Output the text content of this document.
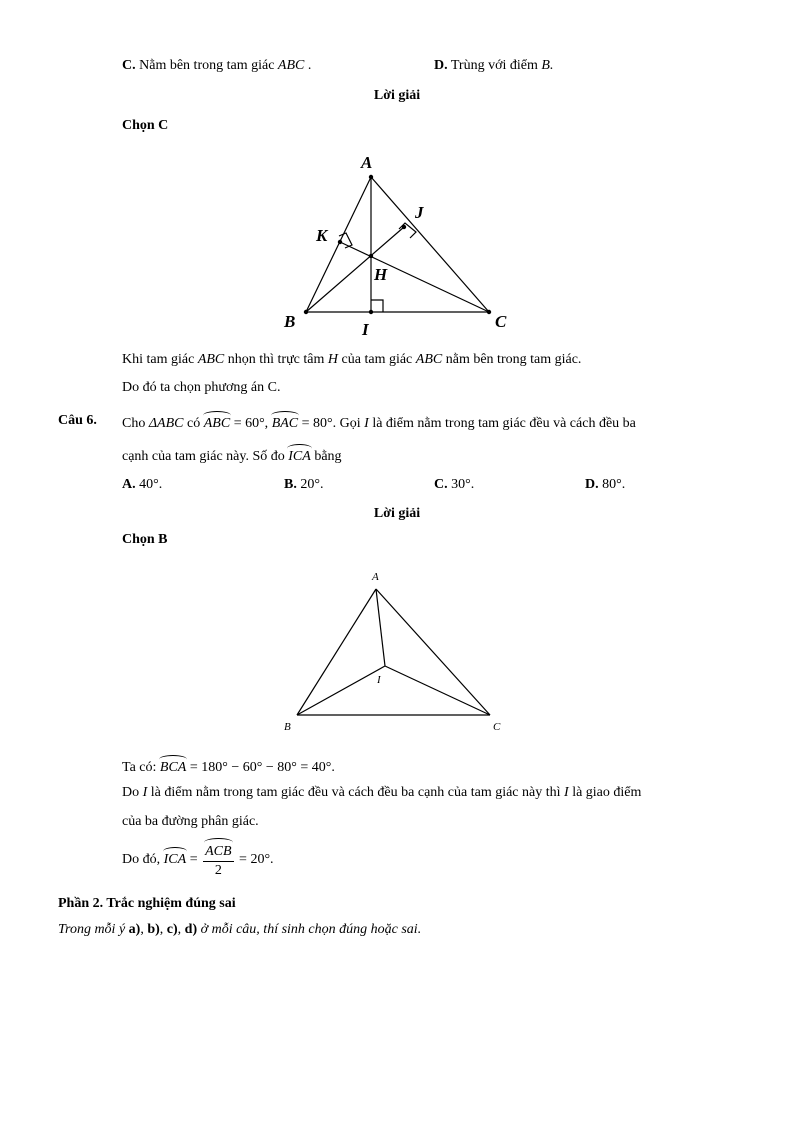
C. Nằm bên trong tam giác ABC .	D. Trùng với điểm B.
Lời giải
Chọn C
A
B	C
H
I
J
K
Khi tam giác ABC nhọn thì trực tâm H của tam giác ABC nằm bên trong tam giác.
Do đó ta chọn phương án C.
Câu 6. Cho ΔABC có ABC = 60°, BAC = 80°. Gọi I là điểm nằm trong tam giác đều và cách đều ba
cạnh của tam giác này. Số đo ICA bằng
A. 40°.	B. 20°.	C. 30°.	D. 80°.
Lời giải
Chọn B
A
B	C
I
Ta có: BCA = 180° − 60° − 80° = 40°.
Do I là điểm nằm trong tam giác đều và cách đều ba cạnh của tam giác này thì I là giao điểm
của ba đường phân giác.
Do đó, ICA = $\frac{\text{ACB}}{2} = 20^\circ$.
Phần 2. Trắc nghiệm đúng sai
Trong mỗi ý a), b), c), d) ở mỗi câu, thí sinh chọn đúng hoặc sai.
